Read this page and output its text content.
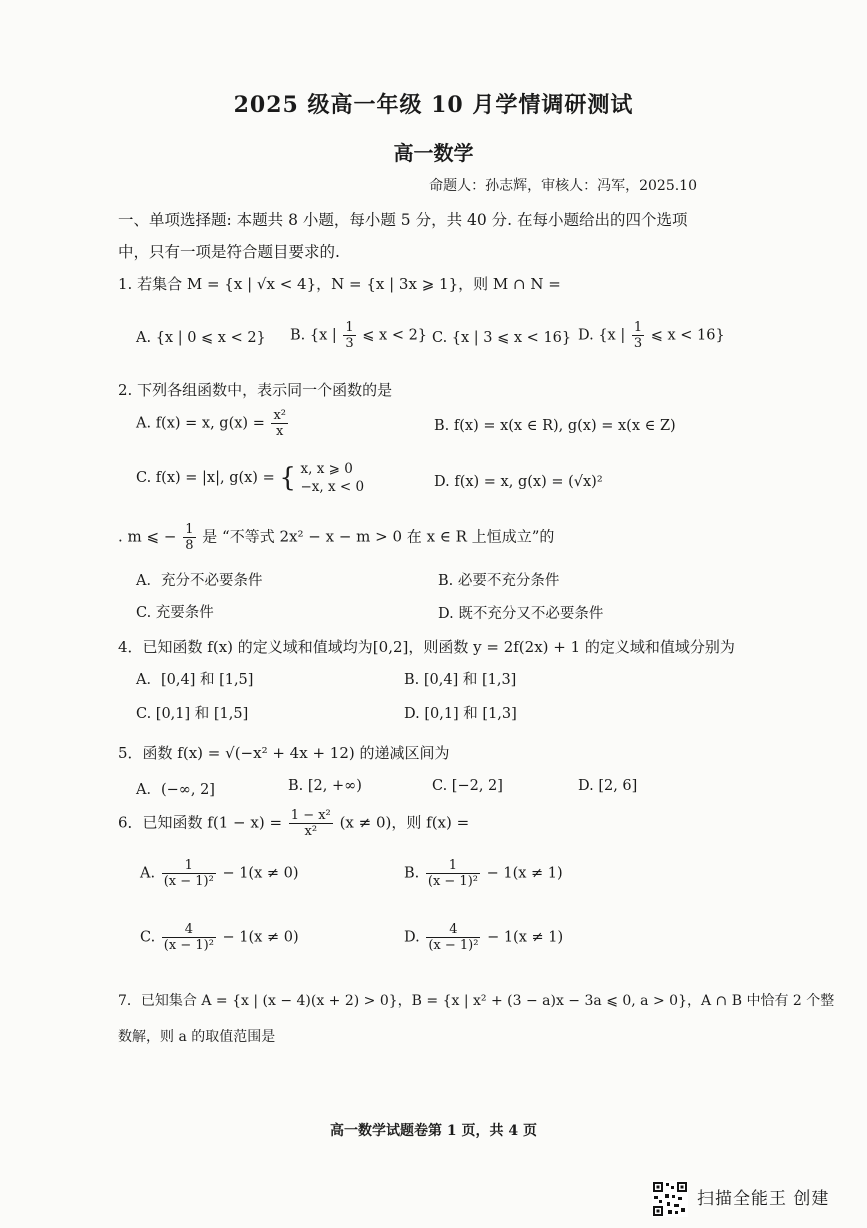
2025 级高一年级 10 月学情调研测试
高一数学
命题人：孙志辉，审核人：冯军，2025.10
一、单项选择题: 本题共 8 小题，每小题 5 分，共 40 分. 在每小题给出的四个选项中，只有一项是符合题目要求的.
1. 若集合 M = {x | √x < 4}，N = {x | 3x ⩾ 1}，则 M ∩ N =
A. {x | 0 ⩽ x < 2} B. {x | $\frac{1}{3}$ ⩽ x < 2} C. {x | 3 ⩽ x < 16} D. {x | $\frac{1}{3}$ ⩽ x < 16}
2. 下列各组函数中，表示同一个函数的是
A. f(x) = x, $g(x) = \frac{\text{x²}}{x}$	B. f(x) = x(x ∈ R), g(x) = x(x ∈ Z)
C. f(x) = |x|, g(x) = { x, x ⩾ 0
−x, x < 0	D. f(x) = x, g(x) = (√x)²
. m ⩽ − $\frac{1}{8}$ 是 “不等式 2x² − x − m > 0 在 x ∈ R 上恒成立”的
A．充分不必要条件	B. 必要不充分条件
C. 充要条件	D. 既不充分又不必要条件
4．已知函数 f(x) 的定义域和值域均为[0,2]，则函数 y = 2f(2x) + 1 的定义域和值域分别为
A．[0,4] 和 [1,5]	B. [0,4] 和 [1,3]
C. [0,1] 和 [1,5]	D. [0,1] 和 [1,3]
5．函数 f(x) = √(−x² + 4x + 12) 的递减区间为
A．(−∞, 2]	B. [2, +∞)	C. [−2, 2]	D. [2, 6]
6．已知函数 $f(1 - x) = \frac{\text{1 − x²}}{\text{x²}} (x \ne 0)$，则 f(x) =
A. $\frac{1}{\text{(x − 1)²}} - 1(x \ne 0)$	B. $\frac{1}{\text{(x − 1)²}} - 1(x \ne 1)$
C. $\frac{4}{\text{(x − 1)²}} - 1(x \ne 0)$	D. $\frac{4}{\text{(x − 1)²}} - 1(x \ne 1)$
7．已知集合 A = {x | (x − 4)(x + 2) > 0}，B = {x | x² + (3 − a)x − 3a ⩽ 0, a > 0}，A ∩ B 中恰有 2 个整
数解，则 a 的取值范围是
高一数学试题卷第 1 页，共 4 页
扫描全能王 创建
